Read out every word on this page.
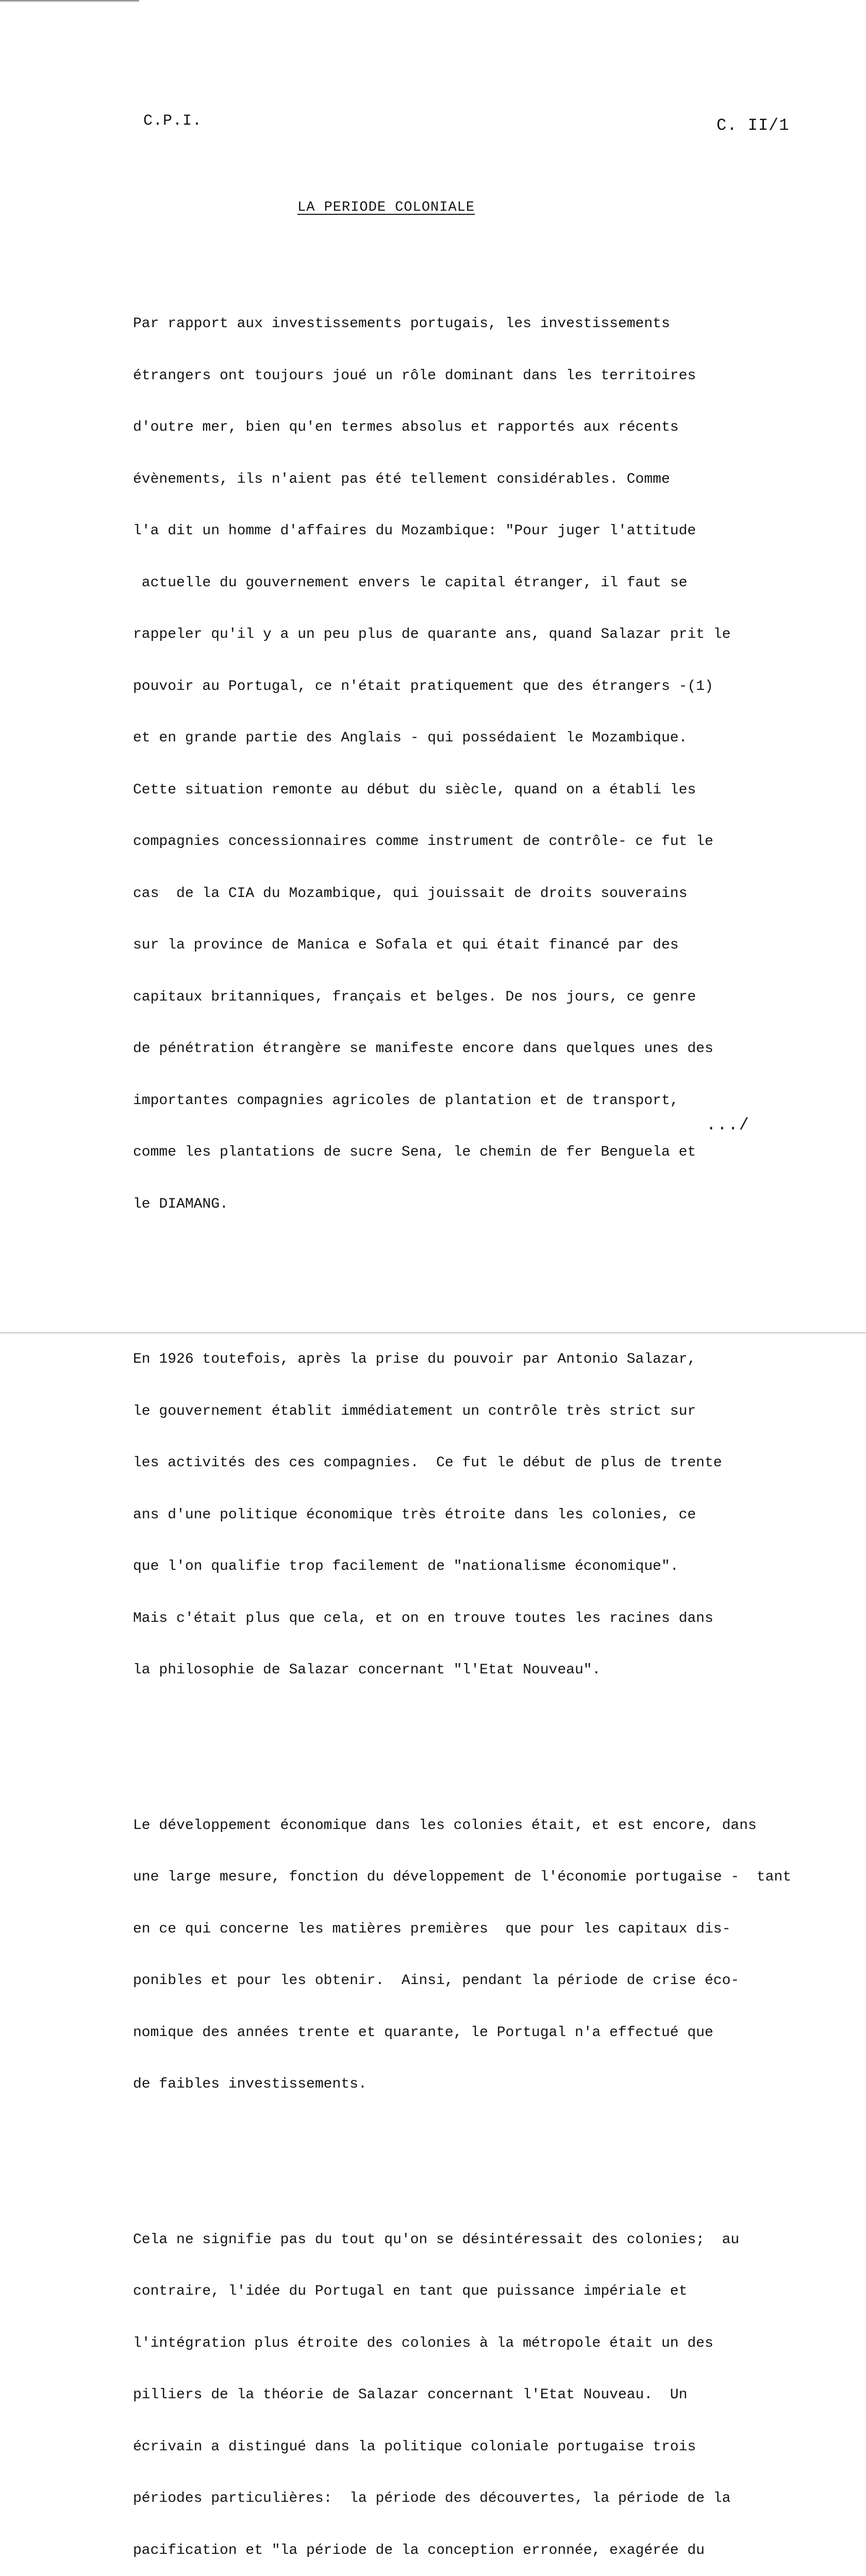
C.P.I.	C. II/1
LA PERIODE COLONIALE

Par rapport aux investissements portugais, les investissements

étrangers ont toujours joué un rôle dominant dans les territoires

d'outre mer, bien qu'en termes absolus et rapportés aux récents

évènements, ils n'aient pas été tellement considérables. Comme

l'a dit un homme d'affaires du Mozambique: "Pour juger l'attitude

actuelle du gouvernement envers le capital étranger, il faut se

rappeler qu'il y a un peu plus de quarante ans, quand Salazar prit le

pouvoir au Portugal, ce n'était pratiquement que des étrangers -(1)

et en grande partie des Anglais - qui possédaient le Mozambique.

Cette situation remonte au début du siècle, quand on a établi les

compagnies concessionnaires comme instrument de contrôle- ce fut le

cas  de la CIA du Mozambique, qui jouissait de droits souverains

sur la province de Manica e Sofala et qui était financé par des

capitaux britanniques, français et belges. De nos jours, ce genre

de pénétration étrangère se manifeste encore dans quelques unes des

importantes compagnies agricoles de plantation et de transport,

comme les plantations de sucre Sena, le chemin de fer Benguela et

le DIAMANG.

En 1926 toutefois, après la prise du pouvoir par Antonio Salazar,

le gouvernement établit immédiatement un contrôle très strict sur

les activités des ces compagnies.  Ce fut le début de plus de trente

ans d'une politique économique très étroite dans les colonies, ce

que l'on qualifie trop facilement de "nationalisme économique".

Mais c'était plus que cela, et on en trouve toutes les racines dans

la philosophie de Salazar concernant "l'Etat Nouveau".

Le développement économique dans les colonies était, et est encore, dans

une large mesure, fonction du développement de l'économie portugaise -  tant

en ce qui concerne les matières premières  que pour les capitaux dis-

ponibles et pour les obtenir.  Ainsi, pendant la période de crise éco-

nomique des années trente et quarante, le Portugal n'a effectué que

de faibles investissements.

Cela ne signifie pas du tout qu'on se désintéressait des colonies;  au

contraire, l'idée du Portugal en tant que puissance impériale et

l'intégration plus étroite des colonies à la métropole était un des

pilliers de la théorie de Salazar concernant l'Etat Nouveau.  Un

écrivain a distingué dans la politique coloniale portugaise trois

périodes particulières:  la période des découvertes, la période de la

pacification et "la période de la conception erronnée, exagérée du

.../
